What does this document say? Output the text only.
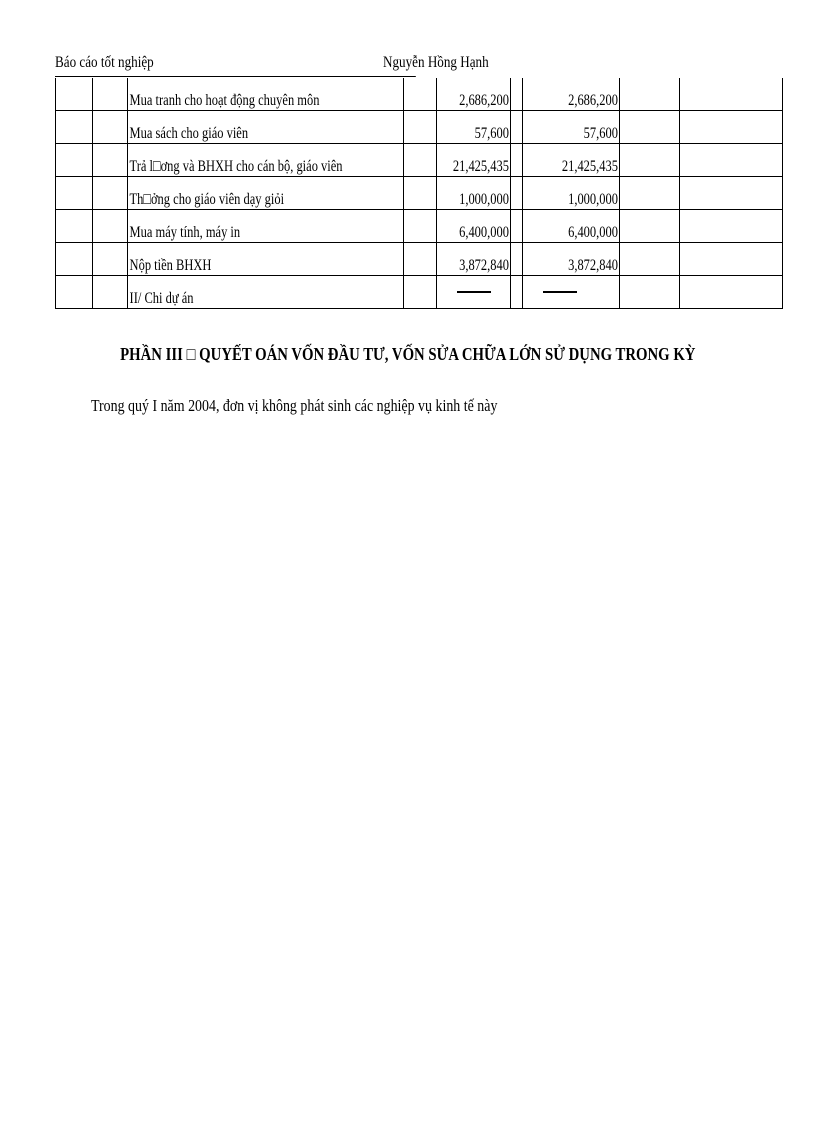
Báo cáo tốt nghiệp	Nguyễn Hồng Hạnh
		Mua tranh cho hoạt động chuyên môn		2,686,200		2,686,200		

		Mua sách cho giáo viên		57,600		57,600		

		Trả l□ơng và BHXH cho cán bộ, giáo viên		21,425,435		21,425,435		

		Th□ởng cho giáo viên dạy giỏi		1,000,000		1,000,000		

		Mua máy tính, máy in		6,400,000		6,400,000		

		Nộp tiền BHXH		3,872,840		3,872,840		

		II/ Chi dự án		

PHẦN III □ QUYẾT OÁN VỐN ĐẦU TƯ, VỐN SỬA CHỮA LỚN SỬ DỤNG TRONG KỲ
Trong quý I năm 2004, đơn vị không phát sinh các nghiệp vụ kinh tế này
